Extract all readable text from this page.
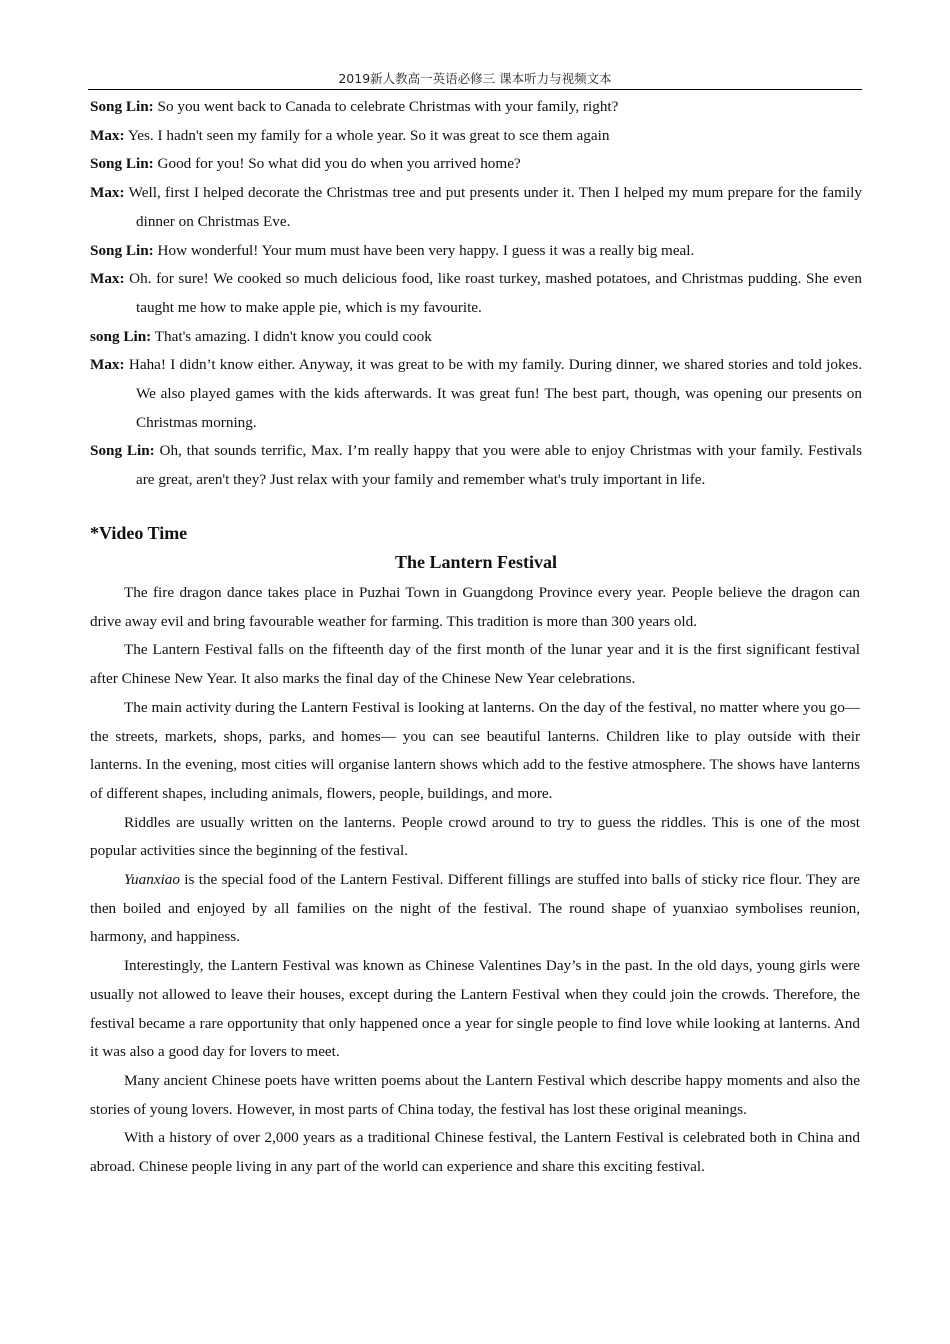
2019新人教高一英语必修三 课本听力与视频文本
Song Lin: So you went back to Canada to celebrate Christmas with your family, right?
Max: Yes. I hadn't seen my family for a whole year. So it was great to sce them again
Song Lin: Good for you! So what did you do when you arrived home?
Max: Well, first I helped decorate the Christmas tree and put presents under it. Then I helped my mum prepare for the family dinner on Christmas Eve.
Song Lin: How wonderful! Your mum must have been very happy. I guess it was a really big meal.
Max: Oh. for sure! We cooked so much delicious food, like roast turkey, mashed potatoes, and Christmas pudding. She even taught me how to make apple pie, which is my favourite.
song Lin: That's amazing. I didn't know you could cook
Max: Haha! I didn’t know either. Anyway, it was great to be with my family. During dinner, we shared stories and told jokes. We also played games with the kids afterwards. It was great fun! The best part, though, was opening our presents on Christmas morning.
Song Lin: Oh, that sounds terrific, Max. I’m really happy that you were able to enjoy Christmas with your family. Festivals are great, aren't they? Just relax with your family and remember what's truly important in life.
*Video Time
The Lantern Festival

The fire dragon dance takes place in Puzhai Town in Guangdong Province every year. People believe the dragon can drive away evil and bring favourable weather for farming. This tradition is more than 300 years old.

The Lantern Festival falls on the fifteenth day of the first month of the lunar year and it is the first significant festival after Chinese New Year. It also marks the final day of the Chinese New Year celebrations.

The main activity during the Lantern Festival is looking at lanterns. On the day of the festival, no matter where you go—the streets, markets, shops, parks, and homes— you can see beautiful lanterns. Children like to play outside with their lanterns. In the evening, most cities will organise lantern shows which add to the festive atmosphere. The shows have lanterns of different shapes, including animals, flowers, people, buildings, and more.

Riddles are usually written on the lanterns. People crowd around to try to guess the riddles. This is one of the most popular activities since the beginning of the festival.

Yuanxiao is the special food of the Lantern Festival. Different fillings are stuffed into balls of sticky rice flour. They are then boiled and enjoyed by all families on the night of the festival. The round shape of yuanxiao symbolises reunion, harmony, and happiness.

Interestingly, the Lantern Festival was known as Chinese Valentines Day’s in the past. In the old days, young girls were usually not allowed to leave their houses, except during the Lantern Festival when they could join the crowds. Therefore, the festival became a rare opportunity that only happened once a year for single people to find love while looking at lanterns. And it was also a good day for lovers to meet.

Many ancient Chinese poets have written poems about the Lantern Festival which describe happy moments and also the stories of young lovers. However, in most parts of China today, the festival has lost these original meanings.

With a history of over 2,000 years as a traditional Chinese festival, the Lantern Festival is celebrated both in China and abroad. Chinese people living in any part of the world can experience and share this exciting festival.
